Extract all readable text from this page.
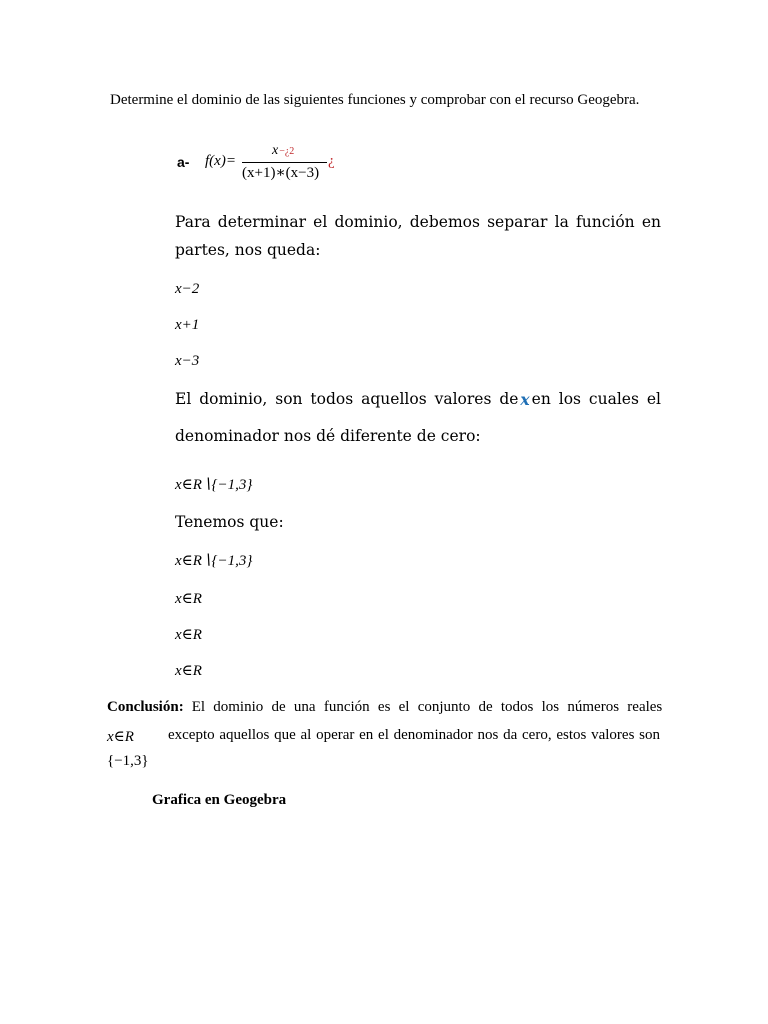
Determine el dominio de las siguientes funciones y comprobar con el recurso Geogebra.
a- f(x)=
x−¿2
(x+1)∗(x−3)
¿
Para determinar el dominio, debemos separar la función en
partes, nos queda:
x−2
x+1
x−3
El dominio, son todos aquellos valores de x en los cuales el
denominador nos dé diferente de cero:
x∈R∖{−1,3}
Tenemos que:
x∈R∖{−1,3}
x∈R
x∈R
x∈R
Conclusión: El dominio de una función es el conjunto de todos los números reales
x∈R excepto aquellos que al operar en el denominador nos da cero, estos valores son
{−1,3}
Grafica en Geogebra
